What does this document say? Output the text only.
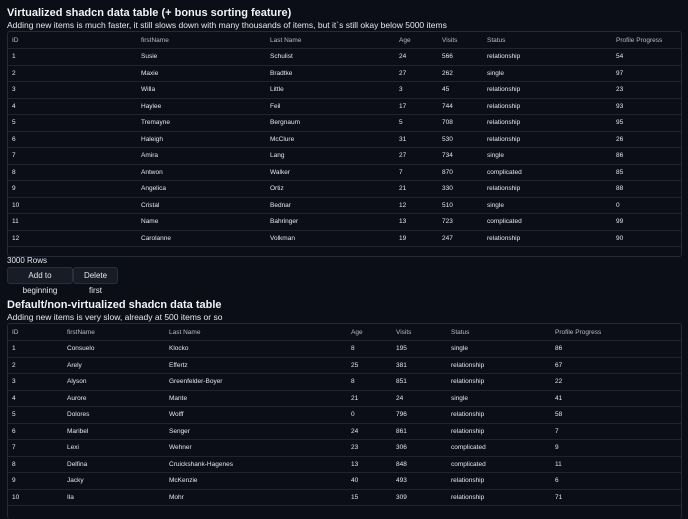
Virtualized shadcn data table (+ bonus sorting feature)

Adding new items is much faster, it still slows down with many thousands of items, but it`s still okay below 5000 items

ID	firstName	Last Name	Age	Visits	Status	Profile Progress
1	Susie	Schulist	24	566	relationship	54
2	Maxie	Bradtke	27	262	single	97
3	Willa	Little	3	45	relationship	23
4	Haylee	Feil	17	744	relationship	93
5	Tremayne	Bergnaum	5	708	relationship	95
6	Haleigh	McClure	31	530	relationship	26
7	Amira	Lang	27	734	single	86
8	Antwon	Walker	7	870	complicated	85
9	Angelica	Ortiz	21	330	relationship	88
10	Cristal	Bednar	12	510	single	0
11	Name	Bahringer	13	723	complicated	99
12	Carolanne	Volkman	19	247	relationship	90
3000 Rows
Add to beginning
Delete first

Default/non-virtualized shadcn data table

Adding new items is very slow, already at 500 items or so

ID	firstName	Last Name	Age	Visits	Status	Profile Progress
1	Consuelo	Klocko	8	195	single	86
2	Arely	Effertz	25	381	relationship	67
3	Alyson	Greenfelder-Boyer	8	851	relationship	22
4	Aurore	Mante	21	24	single	41
5	Dolores	Wolff	0	796	relationship	58
6	Maribel	Senger	24	861	relationship	7
7	Lexi	Wehner	23	306	complicated	9
8	Delfina	Cruickshank-Hagenes	13	848	complicated	11
9	Jacky	McKenzie	40	493	relationship	6
10	Ila	Mohr	15	309	relationship	71
